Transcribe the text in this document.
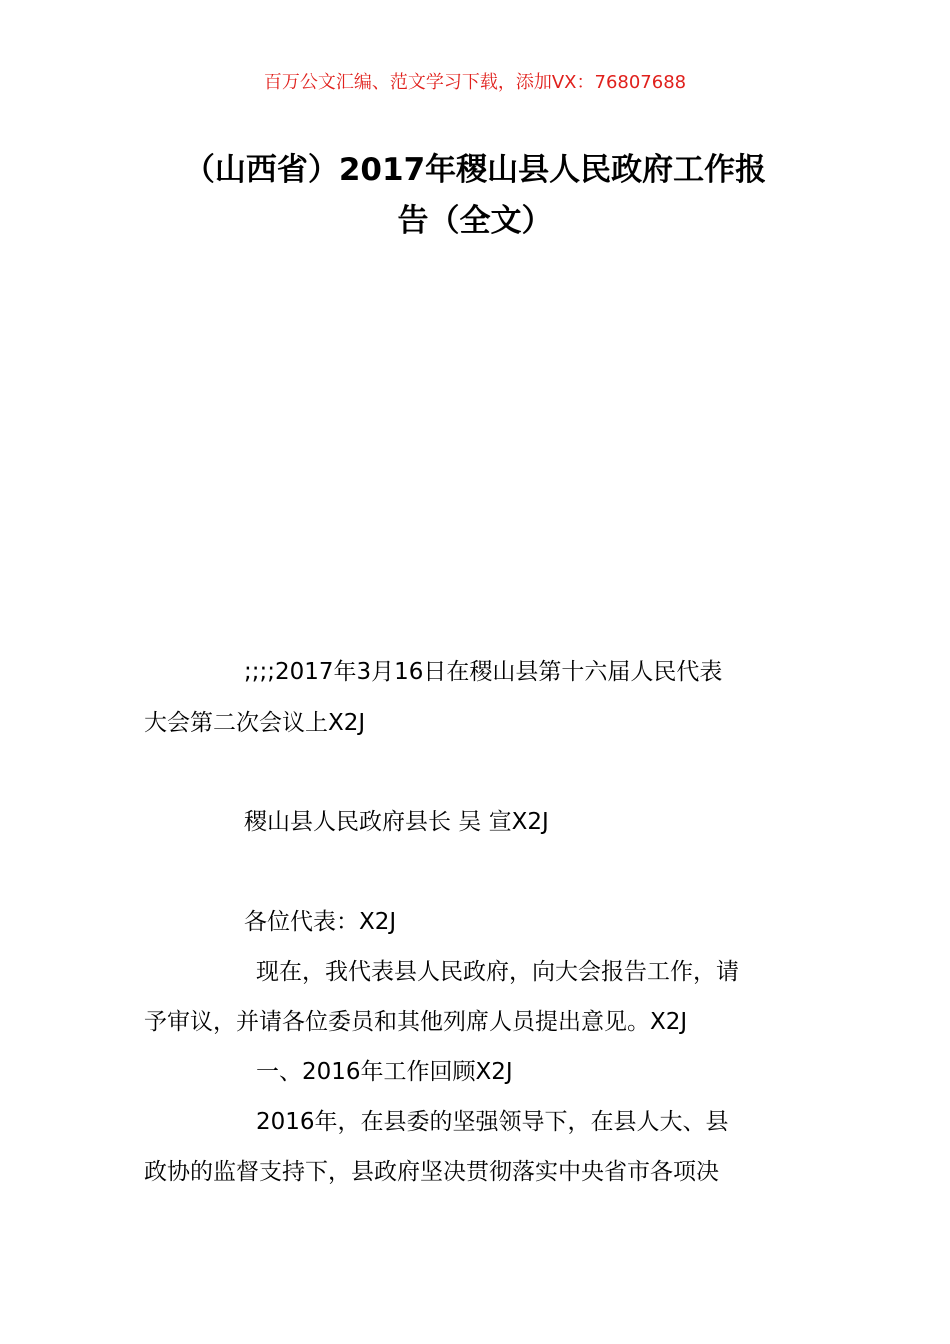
百万公文汇编、范文学习下载，添加VX：76807688
（山西省）2017年稷山县人民政府工作报
告（全文）
;;;;2017年3月16日在稷山县第十六届人民代表
大会第二次会议上X2J
稷山县人民政府县长 吴 宣X2J
各位代表：X2J
现在，我代表县人民政府，向大会报告工作，请
予审议，并请各位委员和其他列席人员提出意见。X2J
一、2016年工作回顾X2J
2016年，在县委的坚强领导下，在县人大、县
政协的监督支持下，县政府坚决贯彻落实中央省市各项决
